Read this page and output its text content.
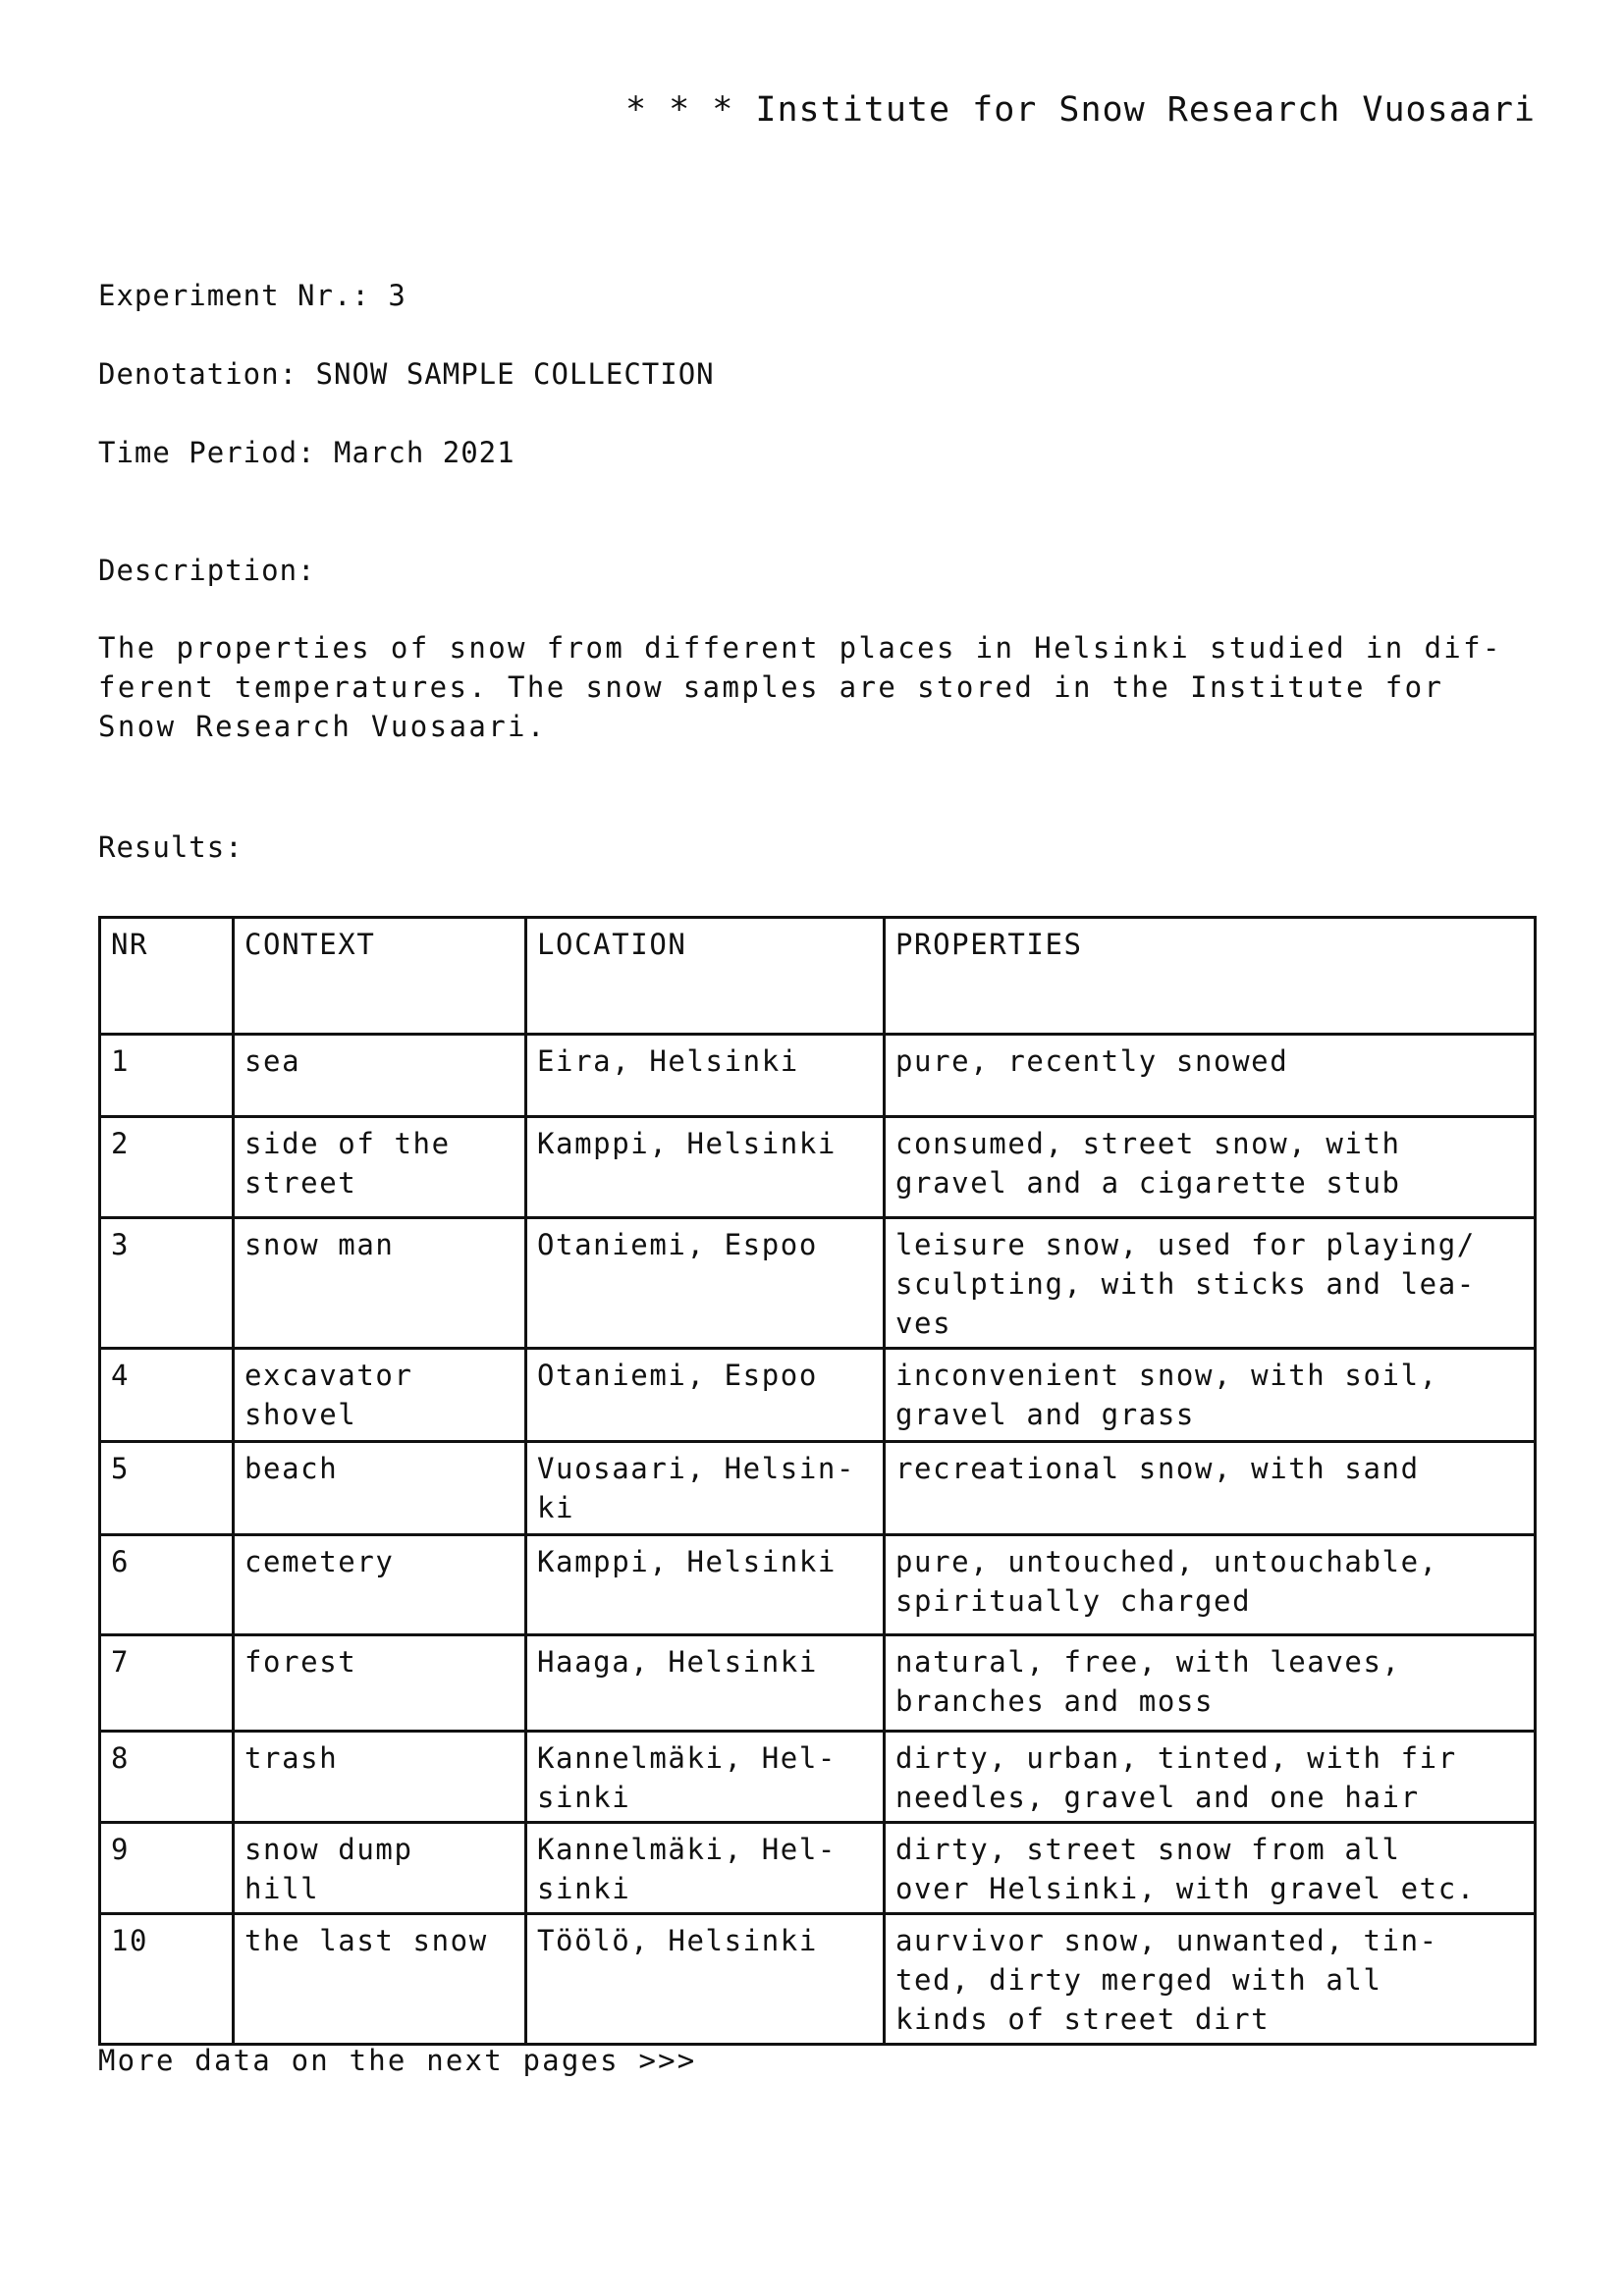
* * * Institute for Snow Research Vuosaari
Experiment Nr.: 3
Denotation: SNOW SAMPLE COLLECTION
Time Period: March 2021
Description:
The properties of snow from different places in Helsinki studied in dif-
ferent temperatures. The snow samples are stored in the Institute for
Snow Research Vuosaari.
Results:
NR	CONTEXT	LOCATION	PROPERTIES
1	sea	Eira, Helsinki	pure, recently snowed
2	side of the
street	Kamppi, Helsinki	consumed, street snow, with
gravel and a cigarette stub
3	snow man	Otaniemi, Espoo	leisure snow, used for playing/
sculpting, with sticks and lea-
ves
4	excavator
shovel	Otaniemi, Espoo	inconvenient snow, with soil,
gravel and grass
5	beach	Vuosaari, Helsin-
ki	recreational snow, with sand
6	cemetery	Kamppi, Helsinki	pure, untouched, untouchable,
spiritually charged
7	forest	Haaga, Helsinki	natural, free, with leaves,
branches and moss
8	trash	Kannelmäki, Hel-
sinki	dirty, urban, tinted, with fir
needles, gravel and one hair
9	snow dump
hill	Kannelmäki, Hel-
sinki	dirty, street snow from all
over Helsinki, with gravel etc.
10	the last snow	Töölö, Helsinki	aurvivor snow, unwanted, tin-
ted, dirty merged with all
kinds of street dirt
More data on the next pages >>>
